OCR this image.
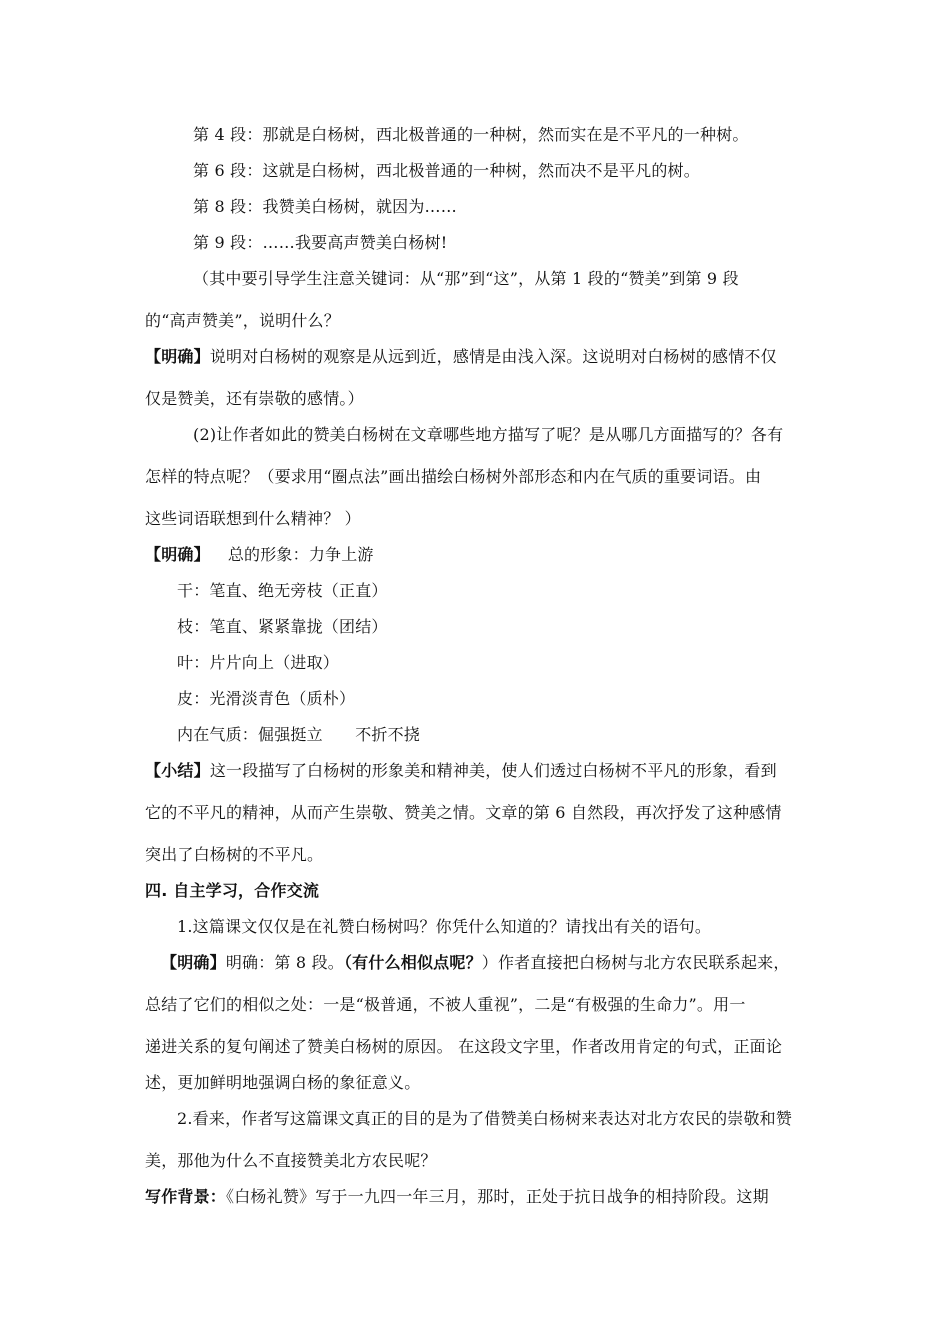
第 4 段：那就是白杨树，西北极普通的一种树，然而实在是不平凡的一种树。
第 6 段：这就是白杨树，西北极普通的一种树，然而决不是平凡的树。
第 8 段：我赞美白杨树，就因为……
第 9 段：……我要高声赞美白杨树!
（其中要引导学生注意关键词：从“那”到“这”，从第 1 段的“赞美”到第 9 段
的“高声赞美”，说明什么？
【明确】说明对白杨树的观察是从远到近，感情是由浅入深。这说明对白杨树的感情不仅
仅是赞美，还有崇敬的感情。）
(2)让作者如此的赞美白杨树在文章哪些地方描写了呢？是从哪几方面描写的？各有
怎样的特点呢？（要求用“圈点法”画出描绘白杨树外部形态和内在气质的重要词语。由
这些词语联想到什么精神？ ）
【明确】 总的形象：力争上游
干：笔直、绝无旁枝（正直）
枝：笔直、紧紧靠拢（团结）
叶：片片向上（进取）
皮：光滑淡青色（质朴）
内在气质：倔强挺立　　不折不挠
【小结】这一段描写了白杨树的形象美和精神美，使人们透过白杨树不平凡的形象，看到
它的不平凡的精神，从而产生崇敬、赞美之情。文章的第 6 自然段，再次抒发了这种感情
突出了白杨树的不平凡。
四. 自主学习，合作交流
1.这篇课文仅仅是在礼赞白杨树吗？你凭什么知道的？请找出有关的语句。
【明确】明确：第 8 段。（有什么相似点呢？）作者直接把白杨树与北方农民联系起来，
总结了它们的相似之处：一是“极普通，不被人重视”，二是“有极强的生命力”。用一
递进关系的复句阐述了赞美白杨树的原因。 在这段文字里，作者改用肯定的句式，正面论
述，更加鲜明地强调白杨的象征意义。
2.看来，作者写这篇课文真正的目的是为了借赞美白杨树来表达对北方农民的崇敬和赞
美，那他为什么不直接赞美北方农民呢？
写作背景：《白杨礼赞》写于一九四一年三月，那时，正处于抗日战争的相持阶段。这期
